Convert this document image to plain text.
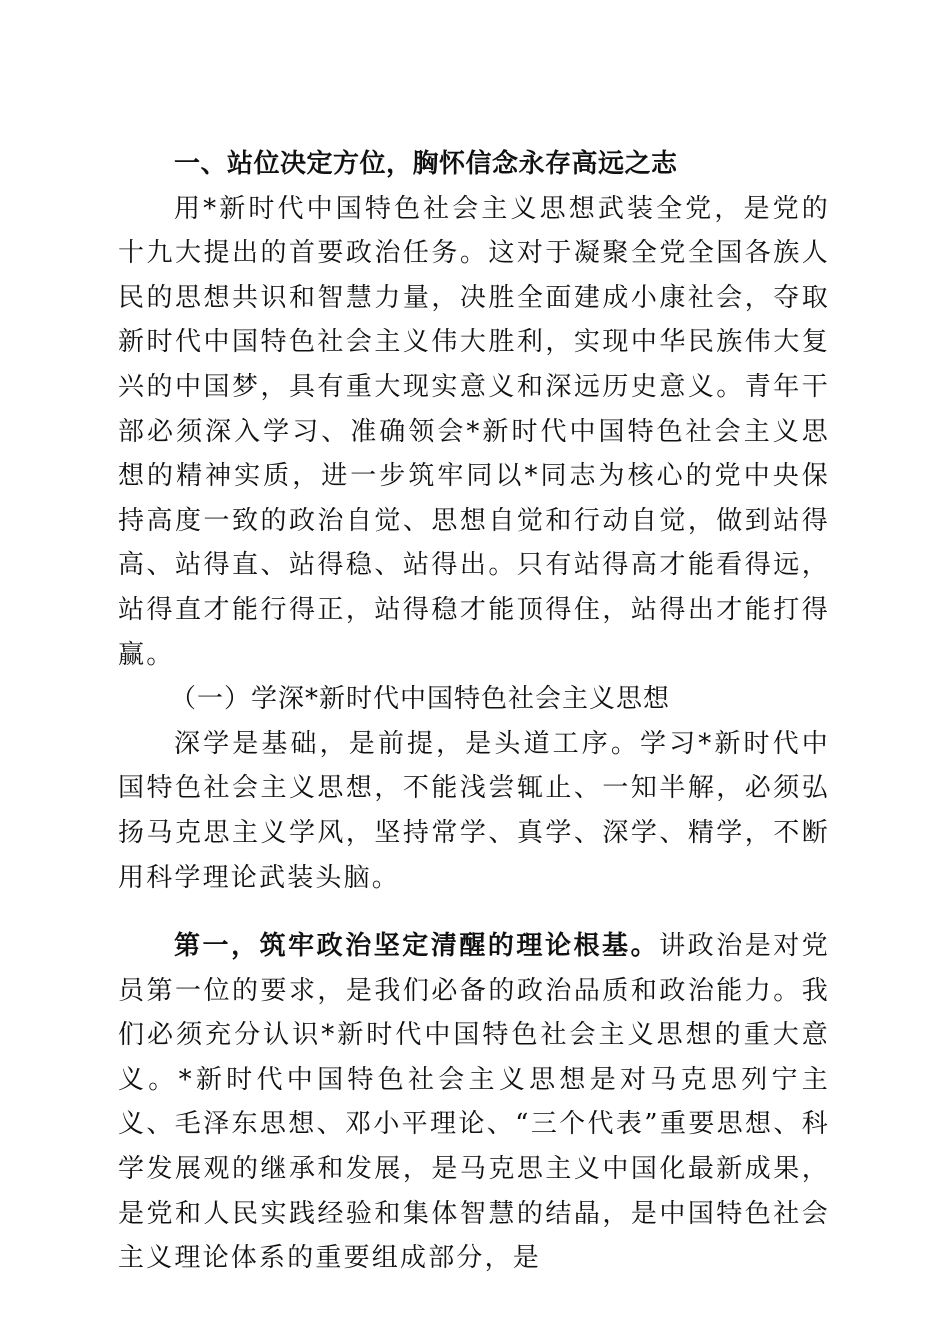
一、站位决定方位，胸怀信念永存高远之志

用*新时代中国特色社会主义思想武装全党，是党的十九大提出的首要政治任务。这对于凝聚全党全国各族人民的思想共识和智慧力量，决胜全面建成小康社会，夺取新时代中国特色社会主义伟大胜利，实现中华民族伟大复兴的中国梦，具有重大现实意义和深远历史意义。青年干部必须深入学习、准确领会*新时代中国特色社会主义思想的精神实质，进一步筑牢同以*同志为核心的党中央保持高度一致的政治自觉、思想自觉和行动自觉，做到站得高、站得直、站得稳、站得出。只有站得高才能看得远，站得直才能行得正，站得稳才能顶得住，站得出才能打得赢。

（一）学深*新时代中国特色社会主义思想

深学是基础，是前提，是头道工序。学习*新时代中国特色社会主义思想，不能浅尝辄止、一知半解，必须弘扬马克思主义学风，坚持常学、真学、深学、精学，不断用科学理论武装头脑。

第一，筑牢政治坚定清醒的理论根基。讲政治是对党员第一位的要求，是我们必备的政治品质和政治能力。我们必须充分认识*新时代中国特色社会主义思想的重大意义。*新时代中国特色社会主义思想是对马克思列宁主义、毛泽东思想、邓小平理论、“三个代表”重要思想、科学发展观的继承和发展，是马克思主义中国化最新成果，是党和人民实践经验和集体智慧的结晶，是中国特色社会主义理论体系的重要组成部分，是
